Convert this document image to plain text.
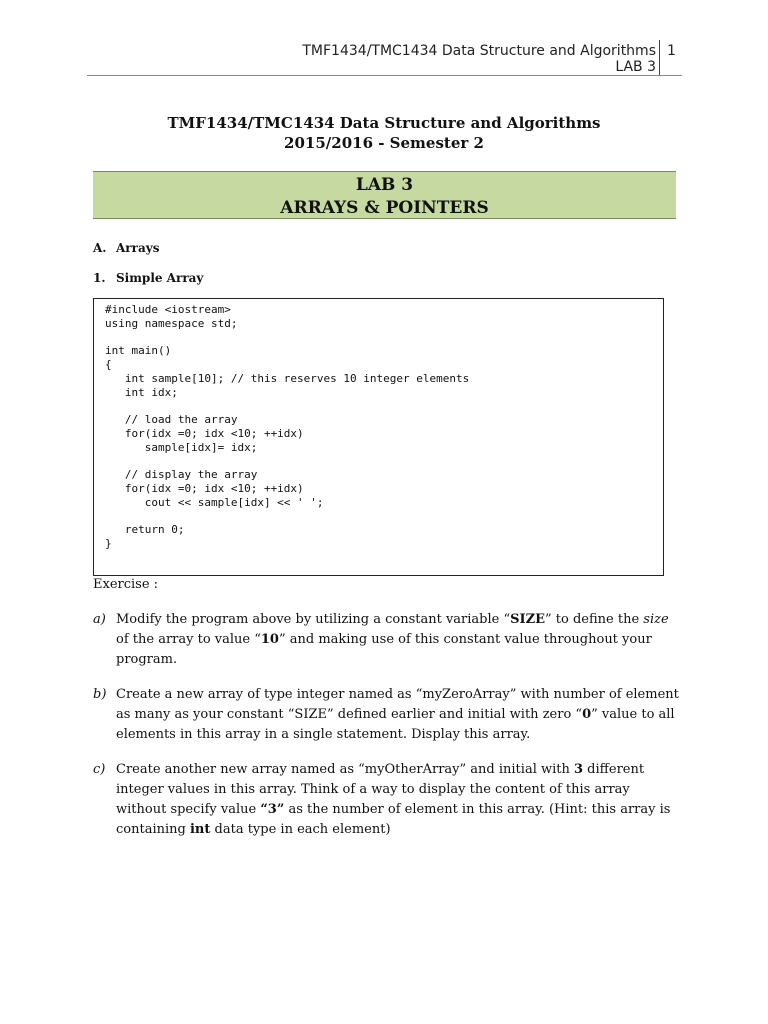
TMF1434/TMC1434 Data Structure and Algorithms
LAB 3
1
TMF1434/TMC1434 Data Structure and Algorithms
2015/2016 - Semester 2
LAB 3
ARRAYS & POINTERS
A. Arrays
1. Simple Array
#include <iostream>
using namespace std;

int main()
{
int sample[10]; // this reserves 10 integer elements
int idx;

// load the array
for(idx =0; idx <10; ++idx)
sample[idx]= idx;

// display the array
for(idx =0; idx <10; ++idx)
cout << sample[idx] << ' ';

return 0;
}

Exercise :
a) Modify the program above by utilizing a constant variable “SIZE” to define the size of the array to value “10” and making use of this constant value throughout your program.
b) Create a new array of type integer named as “myZeroArray” with number of element as many as your constant “SIZE” defined earlier and initial with zero “0” value to all elements in this array in a single statement. Display this array.
c) Create another new array named as “myOtherArray” and initial with 3 different integer values in this array. Think of a way to display the content of this array without specify value “3” as the number of element in this array. (Hint: this array is containing int data type in each element)
